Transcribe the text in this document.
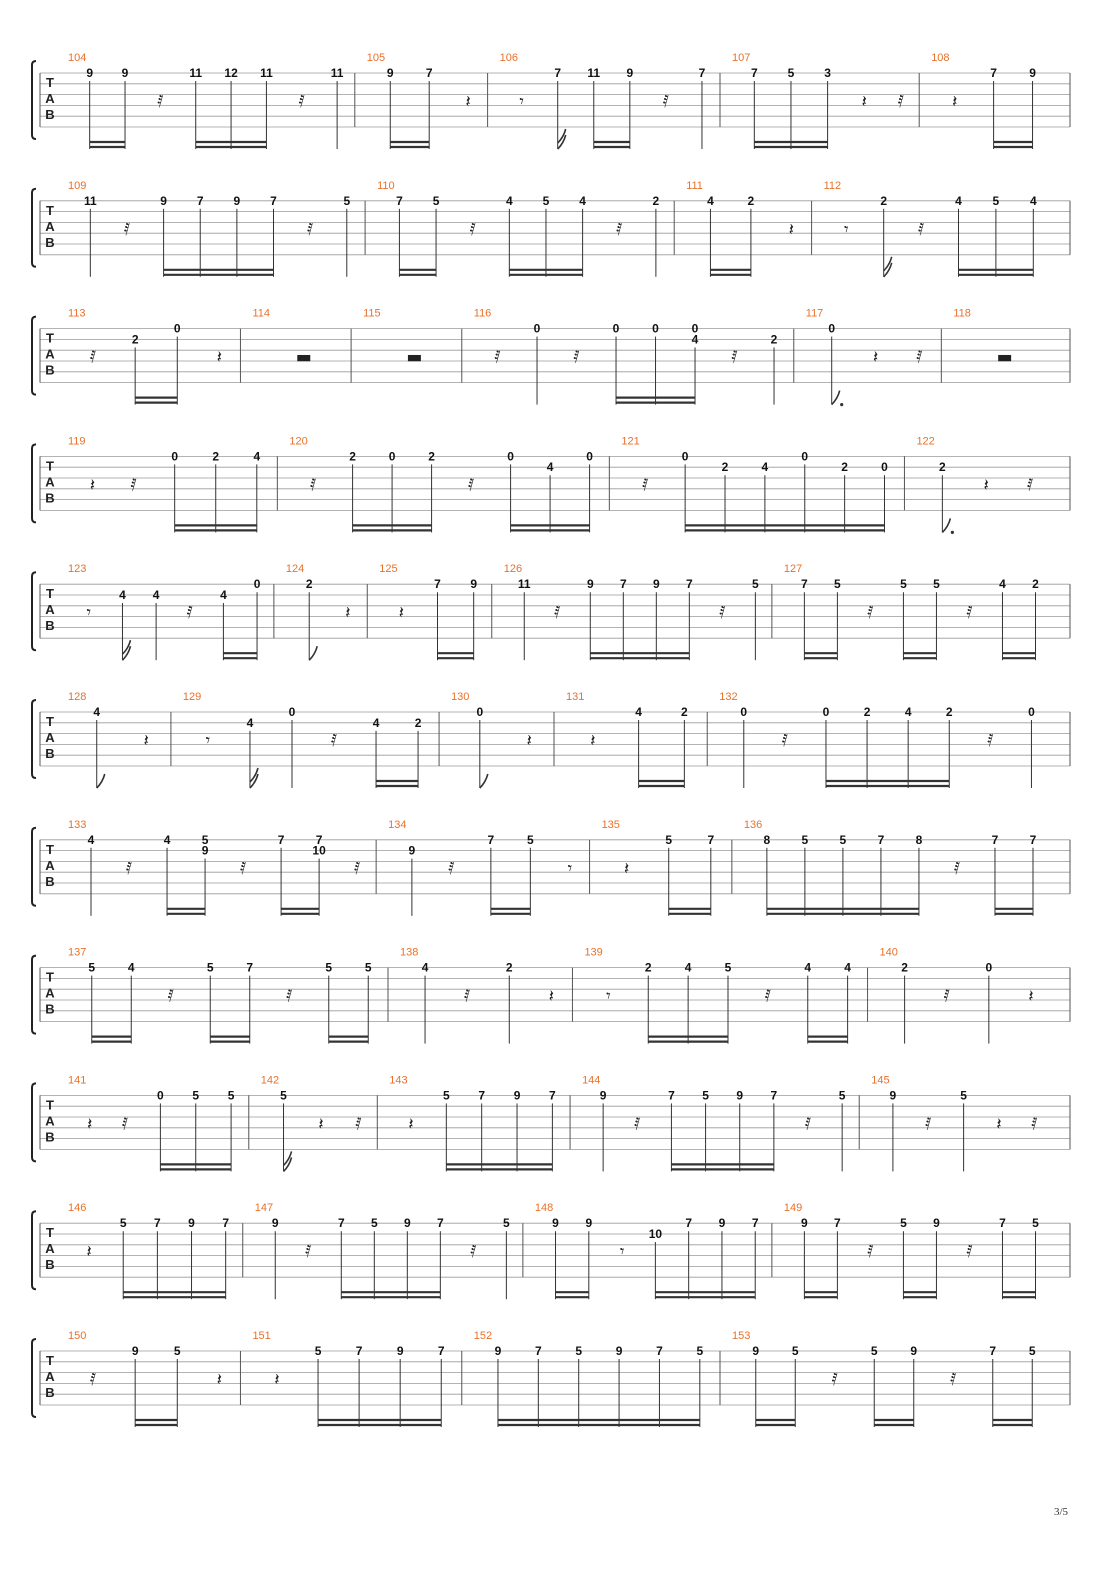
T
A
B
104
9 9
𝅀
11 12 11
𝅀
11
105
9	7
𝄽
106
𝄾
7 11 9
𝅀
7
107
7 5 3
𝄽 𝅀
108
𝄽
7	9
T
A
B
109
11
𝅀
9 7 9 7
𝅀
5
110
7 5
𝅀
4 5 4
𝅀
2
111
4	2
𝄽
112
𝄾
2
𝅀
4	5	4
T
A
B
113
𝅀
2
0
𝄽
114
▬
115
▬
116
𝅀
0
𝅀
0	0	0
4
𝅀
2
117
0
𝄽 𝅀
118
▬
T
A
B
119
𝄽 𝅀
0	2	4
120
𝅀
2	0	2
𝅀
0
4
0
121
𝅀
0
2	4
0
2	0
122
2
𝄽 𝅀
T
A
B
123
𝄾
4 4
𝅀
4
0
124
2
𝄽
125
𝄽
7 9
126
11
𝅀
9 7 9 7
𝅀
5
127
7 5
𝅀
5 5
𝅀
4 2
T
A
B
128
4
𝄽
129
𝄾
4
0
𝅀
4	2
130
0
𝄽
131
𝄽
4	2
132
0
𝅀
0	2	4	2
𝅀
0
T
A
B
133
4
𝅀
4	5
9
𝅀
7	7
10
𝅀
134
9
𝅀
7	5
𝄾
135
𝄽
5	7
136
8	5	5	7	8
𝅀
7	7
T
A
B
137
5	4
𝅀
5	7
𝅀
5	5
138
4
𝅀
2
𝄽
139
𝄾
2	4	5
𝅀
4	4
140
2
𝅀
0
𝄽
T
A
B
141
𝄽 𝅀
0 5 5
142
5
𝄽 𝅀
143
𝄽
5 7 9 7
144
9
𝅀
7 5 9 7
𝅀
5
145
9
𝅀
5
𝄽 𝅀
T
A
B
146
𝄽
5 7 9 7
147
9
𝅀
7 5 9 7
𝅀
5
148
9 9
𝄾
10
7 9 7
149
9 7
𝅀
5 9
𝅀
7 5
T
A
B
150
𝅀
9	5
𝄽
151
𝄽
5	7	9	7
152
9	7	5	9	7	5
153
9	5
𝅀
5	9
𝅀
7	5
3/5
